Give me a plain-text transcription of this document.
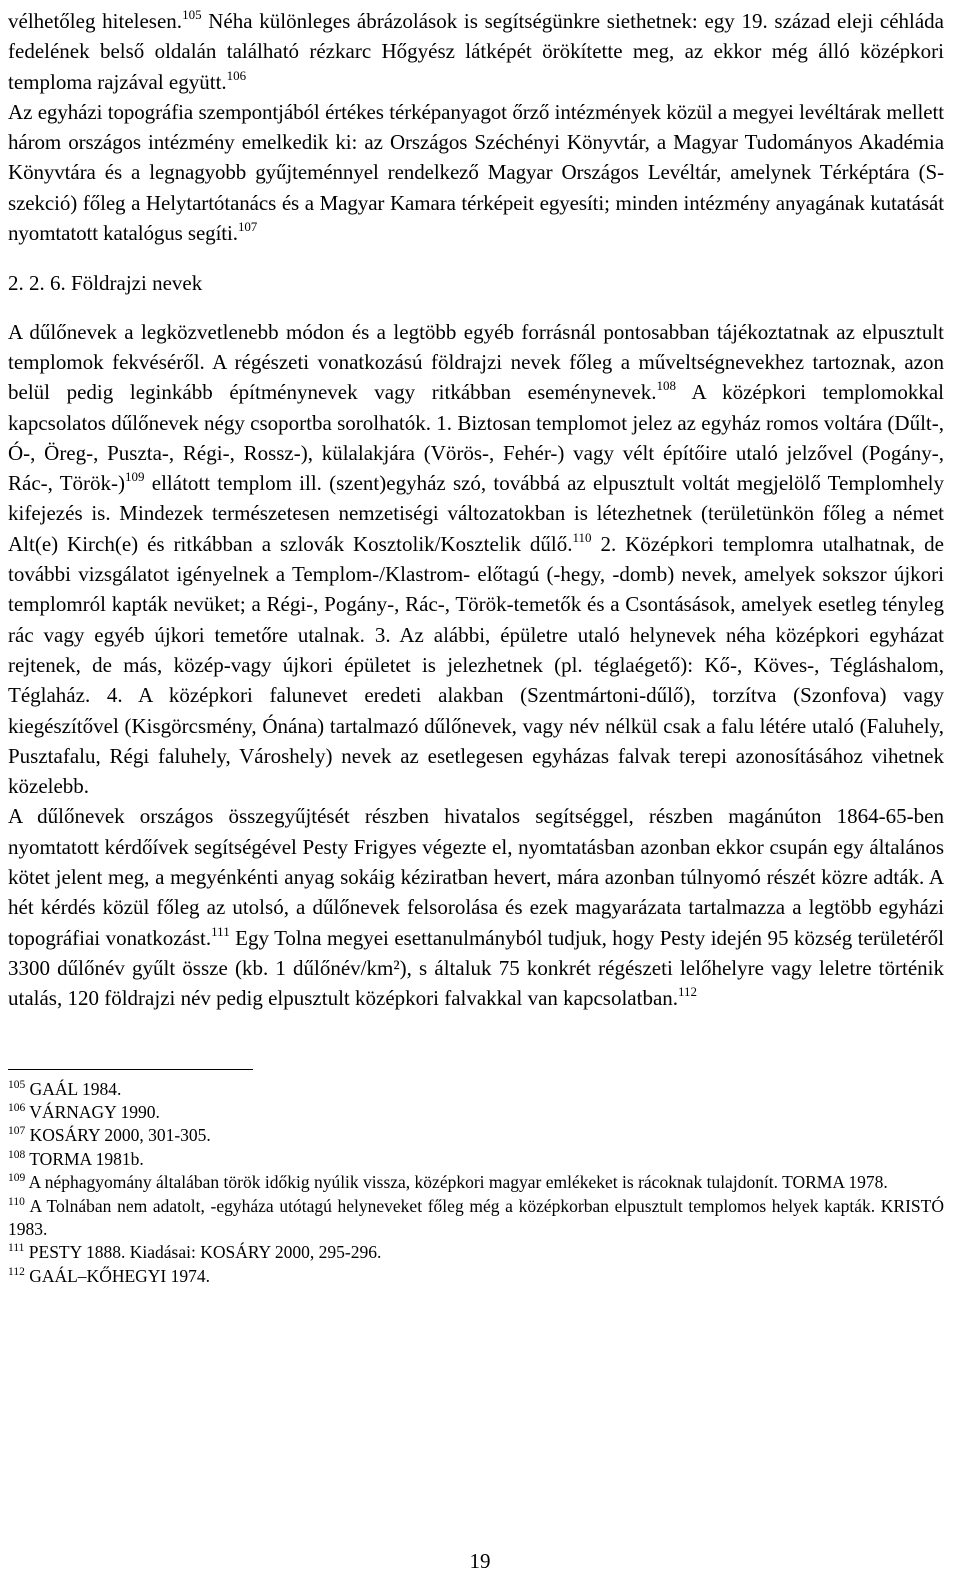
vélhetőleg hitelesen.$^{105}$ Néha különleges ábrázolások is segítségünkre siethetnek: egy 19. század eleji céhláda fedelének belső oldalán található rézkarc Hőgyész látképét örökítette meg, az ekkor még álló középkori temploma rajzával együtt.$^{106}$

Az egyházi topográfia szempontjából értékes térképanyagot őrző intézmények közül a megyei levéltárak mellett három országos intézmény emelkedik ki: az Országos Széchényi Könyvtár, a Magyar Tudományos Akadémia Könyvtára és a legnagyobb gyűjteménnyel rendelkező Magyar Országos Levéltár, amelynek Térképtára (S-szekció) főleg a Helytartótanács és a Magyar Kamara térképeit egyesíti; minden intézmény anyagának kutatását nyomtatott katalógus segíti.$^{107}$

2. 2. 6. Földrajzi nevek

A dűlőnevek a legközvetlenebb módon és a legtöbb egyéb forrásnál pontosabban tájékoztatnak az elpusztult templomok fekvéséről. A régészeti vonatkozású földrajzi nevek főleg a műveltségnevekhez tartoznak, azon belül pedig leginkább építménynevek vagy ritkábban eseménynevek.$^{108}$ A középkori templomokkal kapcsolatos dűlőnevek négy csoportba sorolhatók. 1. Biztosan templomot jelez az egyház romos voltára (Dűlt-, Ó-, Öreg-, Puszta-, Régi-, Rossz-), külalakjára (Vörös-, Fehér-) vagy vélt építőire utaló jelzővel (Pogány-, Rác-, Török-)$^{109}$ ellátott templom ill. (szent)egyház szó, továbbá az elpusztult voltát megjelölő Templomhely kifejezés is. Mindezek természetesen nemzetiségi változatokban is létezhetnek (területünkön főleg a német Alt(e) Kirch(e) és ritkábban a szlovák Kosztolik/Kosztelik dűlő.$^{110}$ 2. Középkori templomra utalhatnak, de további vizsgálatot igényelnek a Templom-/Klastrom- előtagú (-hegy, -domb) nevek, amelyek sokszor újkori templomról kapták nevüket; a Régi-, Pogány-, Rác-, Török-temetők és a Csontásások, amelyek esetleg tényleg rác vagy egyéb újkori temetőre utalnak. 3. Az alábbi, épületre utaló helynevek néha középkori egyházat rejtenek, de más, közép-vagy újkori épületet is jelezhetnek (pl. téglaégető): Kő-, Köves-, Tégláshalom, Téglaház. 4. A középkori falunevet eredeti alakban (Szentmártoni-dűlő), torzítva (Szonfova) vagy kiegészítővel (Kisgörcsmény, Ónána) tartalmazó dűlőnevek, vagy név nélkül csak a falu létére utaló (Faluhely, Pusztafalu, Régi faluhely, Városhely) nevek az esetlegesen egyházas falvak terepi azonosításához vihetnek közelebb.

A dűlőnevek országos összegyűjtését részben hivatalos segítséggel, részben magánúton 1864-65-ben nyomtatott kérdőívek segítségével Pesty Frigyes végezte el, nyomtatásban azonban ekkor csupán egy általános kötet jelent meg, a megyénkénti anyag sokáig kéziratban hevert, mára azonban túlnyomó részét közre adták. A hét kérdés közül főleg az utolsó, a dűlőnevek felsorolása és ezek magyarázata tartalmazza a legtöbb egyházi topográfiai vonatkozást.$^{111}$ Egy Tolna megyei esettanulmányból tudjuk, hogy Pesty idején 95 község területéről 3300 dűlőnév gyűlt össze (kb. 1 dűlőnév/km²), s általuk 75 konkrét régészeti lelőhelyre vagy leletre történik utalás, 120 földrajzi név pedig elpusztult középkori falvakkal van kapcsolatban.$^{112}$

$^{105}$ GAÁL 1984.

$^{106}$ VÁRNAGY 1990.

$^{107}$ KOSÁRY 2000, 301-305.

$^{108}$ TORMA 1981b.

$^{109}$ A néphagyomány általában török időkig nyúlik vissza, középkori magyar emlékeket is rácoknak tulajdonít. TORMA 1978.

$^{110}$ A Tolnában nem adatolt, -egyháza utótagú helyneveket főleg még a középkorban elpusztult templomos helyek kapták. KRISTÓ 1983.

$^{111}$ PESTY 1888. Kiadásai: KOSÁRY 2000, 295-296.

$^{112}$ GAÁL–KŐHEGYI 1974.

19
